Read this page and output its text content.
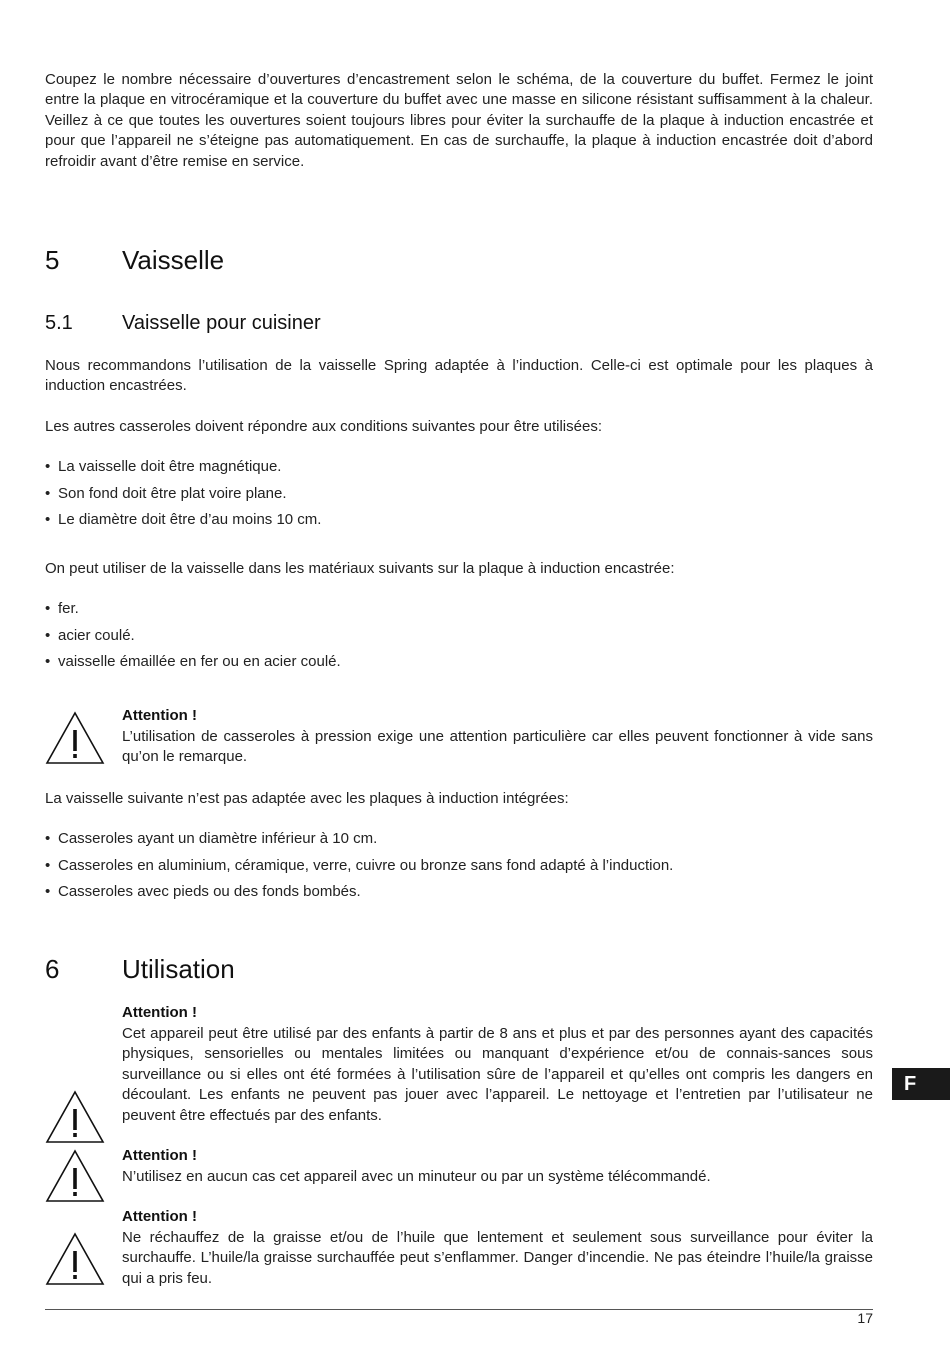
Coupez le nombre nécessaire d’ouvertures d’encastrement selon le schéma, de la couverture du buffet. Fermez le joint entre la plaque en vitrocéramique et la couverture du buffet avec une masse en silicone résistant suffisamment à la chaleur. Veillez à ce que toutes les ouvertures soient toujours libres pour éviter la surchauffe de la plaque à induction encastrée et pour que l’appareil ne s’éteigne pas automatiquement. En cas de surchauffe, la plaque à induction encastrée doit d’abord refroidir avant d’être remise en service.

5 Vaisselle
5.1 Vaisselle pour cuisiner

Nous recommandons l’utilisation de la vaisselle Spring adaptée à l’induction. Celle-ci est optimale pour les plaques à induction encastrées.

Les autres casseroles doivent répondre aux conditions suivantes pour être utilisées:

• La vaisselle doit être magnétique.
• Son fond doit être plat voire plane.
• Le diamètre doit être d’au moins 10 cm.

On peut utiliser de la vaisselle dans les matériaux suivants sur la plaque à induction encastrée:

• fer.
• acier coulé.
• vaisselle émaillée en fer ou en acier coulé.
Attention !

L’utilisation de casseroles à pression exige une attention particulière car elles peuvent fonctionner à vide sans qu’on le remarque.

La vaisselle suivante n’est pas adaptée avec les plaques à induction intégrées:

• Casseroles ayant un diamètre inférieur à 10 cm.
• Casseroles en aluminium, céramique, verre, cuivre ou bronze sans fond adapté à l’induction.
• Casseroles avec pieds ou des fonds bombés.
6 Utilisation
Attention !

Cet appareil peut être utilisé par des enfants à partir de 8 ans et plus et par des personnes ayant des capacités physiques, sensorielles ou mentales limitées ou manquant d’expérience et/ou de connais-sances sous surveillance ou si elles ont été formées à l’utilisation sûre de l’appareil et qu’elles ont compris les dangers en découlant. Les enfants ne peuvent pas jouer avec l’appareil. Le nettoyage et l’entretien par l’utilisateur ne peuvent être effectués par des enfants.

Attention !

N’utilisez en aucun cas cet appareil avec un minuteur ou par un système télécommandé.

Attention !

Ne réchauffez de la graisse et/ou de l’huile que lentement et seulement sous surveillance pour éviter la surchauffe. L’huile/la graisse surchauffée peut s’enflammer. Danger d’incendie. Ne pas éteindre l’huile/la graisse qui a pris feu.

F
17
